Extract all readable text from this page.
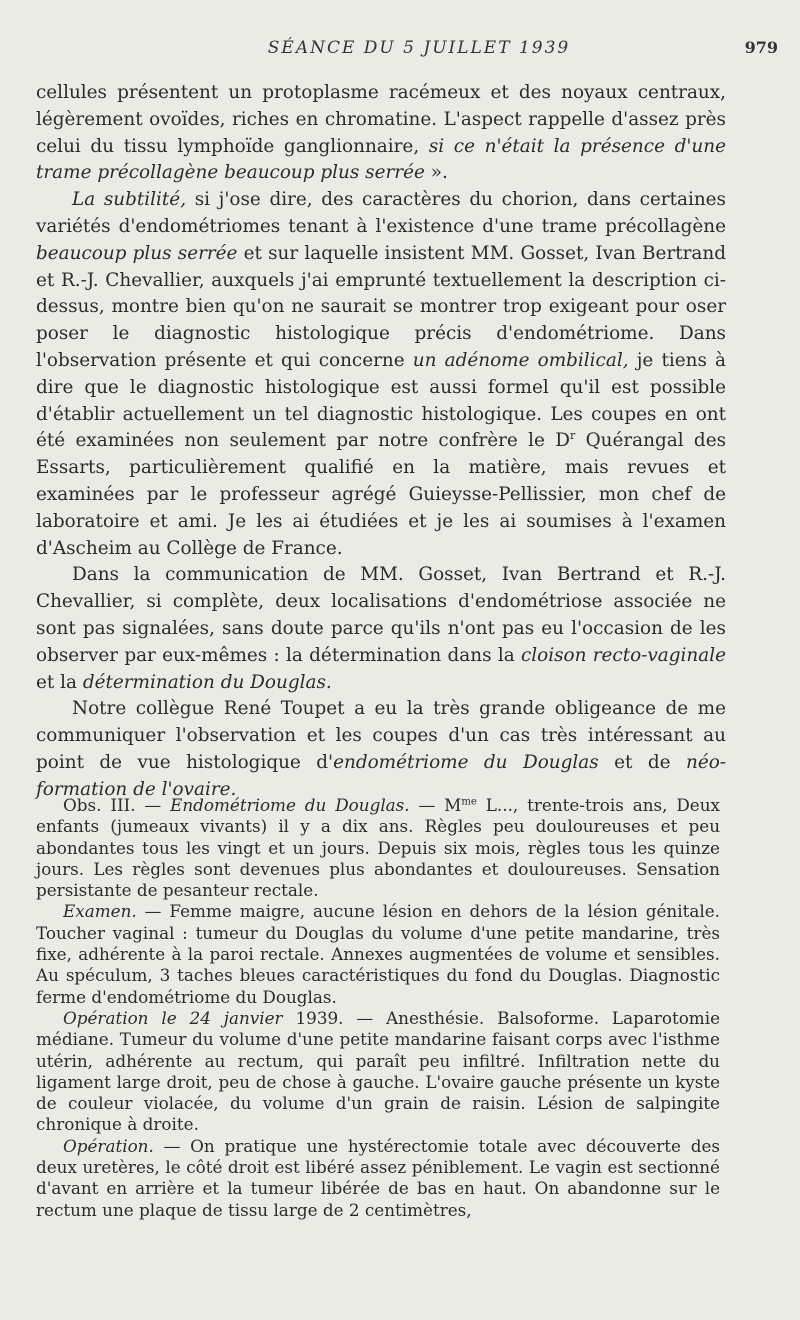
SÉANCE DU 5 JUILLET 1939	979

cellules présentent un protoplasme racémeux et des noyaux centraux, légèrement ovoïdes, riches en chromatine. L'aspect rappelle d'assez près celui du tissu lymphoïde ganglionnaire, si ce n'était la présence d'une trame précollagène beaucoup plus serrée ».

La subtilité, si j'ose dire, des caractères du chorion, dans certaines variétés d'endométriomes tenant à l'existence d'une trame précollagène beaucoup plus serrée et sur laquelle insistent MM. Gosset, Ivan Bertrand et R.-J. Chevallier, auxquels j'ai emprunté textuellement la description ci-dessus, montre bien qu'on ne saurait se montrer trop exigeant pour oser poser le diagnostic histologique précis d'endométriome. Dans l'observation présente et qui concerne un adénome ombilical, je tiens à dire que le diagnostic histologique est aussi formel qu'il est possible d'établir actuellement un tel diagnostic histologique. Les coupes en ont été examinées non seulement par notre confrère le $D^r$ Quérangal des Essarts, particulièrement qualifié en la matière, mais revues et examinées par le professeur agrégé Guieysse-Pellissier, mon chef de laboratoire et ami. Je les ai étudiées et je les ai soumises à l'examen d'Ascheim au Collège de France.

Dans la communication de MM. Gosset, Ivan Bertrand et R.-J. Chevallier, si complète, deux localisations d'endométriose associée ne sont pas signalées, sans doute parce qu'ils n'ont pas eu l'occasion de les observer par eux-mêmes : la détermination dans la cloison recto-vaginale et la détermination du Douglas.

Notre collègue René Toupet a eu la très grande obligeance de me communiquer l'observation et les coupes d'un cas très intéressant au point de vue histologique d'endométriome du Douglas et de néo-formation de l'ovaire.

Obs. III. — Endométriome du Douglas. — $M^{me}$ L..., trente-trois ans, Deux enfants (jumeaux vivants) il y a dix ans. Règles peu douloureuses et peu abondantes tous les vingt et un jours. Depuis six mois, règles tous les quinze jours. Les règles sont devenues plus abondantes et douloureuses. Sensation persistante de pesanteur rectale.

Examen. — Femme maigre, aucune lésion en dehors de la lésion génitale. Toucher vaginal : tumeur du Douglas du volume d'une petite mandarine, très fixe, adhérente à la paroi rectale. Annexes augmentées de volume et sensibles. Au spéculum, 3 taches bleues caractéristiques du fond du Douglas. Diagnostic ferme d'endométriome du Douglas.

Opération le 24 janvier 1939. — Anesthésie. Balsoforme. Laparotomie médiane. Tumeur du volume d'une petite mandarine faisant corps avec l'isthme utérin, adhérente au rectum, qui paraît peu infiltré. Infiltration nette du ligament large droit, peu de chose à gauche. L'ovaire gauche présente un kyste de couleur violacée, du volume d'un grain de raisin. Lésion de salpingite chronique à droite.

Opération. — On pratique une hystérectomie totale avec découverte des deux uretères, le côté droit est libéré assez péniblement. Le vagin est sectionné d'avant en arrière et la tumeur libérée de bas en haut. On abandonne sur le rectum une plaque de tissu large de 2 centimètres,
